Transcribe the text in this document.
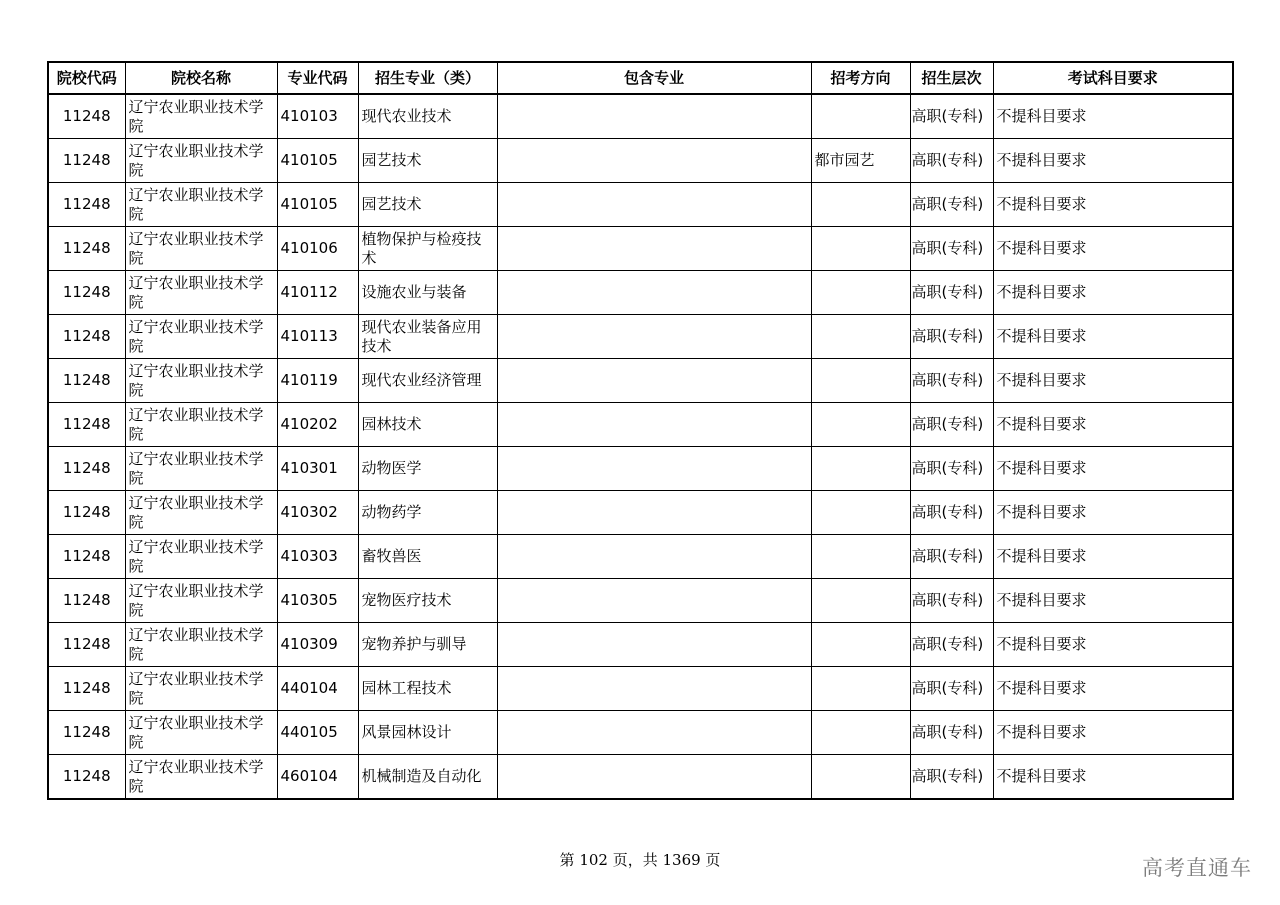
院校代码	院校名称	专业代码	招生专业（类）	包含专业	招考方向	招生层次	考试科目要求
11248	辽宁农业职业技术学院	410103	现代农业技术			高职(专科)	不提科目要求
11248	辽宁农业职业技术学院	410105	园艺技术		都市园艺	高职(专科)	不提科目要求
11248	辽宁农业职业技术学院	410105	园艺技术			高职(专科)	不提科目要求
11248	辽宁农业职业技术学院	410106	植物保护与检疫技术			高职(专科)	不提科目要求
11248	辽宁农业职业技术学院	410112	设施农业与装备			高职(专科)	不提科目要求
11248	辽宁农业职业技术学院	410113	现代农业装备应用技术			高职(专科)	不提科目要求
11248	辽宁农业职业技术学院	410119	现代农业经济管理			高职(专科)	不提科目要求
11248	辽宁农业职业技术学院	410202	园林技术			高职(专科)	不提科目要求
11248	辽宁农业职业技术学院	410301	动物医学			高职(专科)	不提科目要求
11248	辽宁农业职业技术学院	410302	动物药学			高职(专科)	不提科目要求
11248	辽宁农业职业技术学院	410303	畜牧兽医			高职(专科)	不提科目要求
11248	辽宁农业职业技术学院	410305	宠物医疗技术			高职(专科)	不提科目要求
11248	辽宁农业职业技术学院	410309	宠物养护与驯导			高职(专科)	不提科目要求
11248	辽宁农业职业技术学院	440104	园林工程技术			高职(专科)	不提科目要求
11248	辽宁农业职业技术学院	440105	风景园林设计			高职(专科)	不提科目要求
11248	辽宁农业职业技术学院	460104	机械制造及自动化			高职(专科)	不提科目要求
第 102 页，共 1369 页	高考直通车
